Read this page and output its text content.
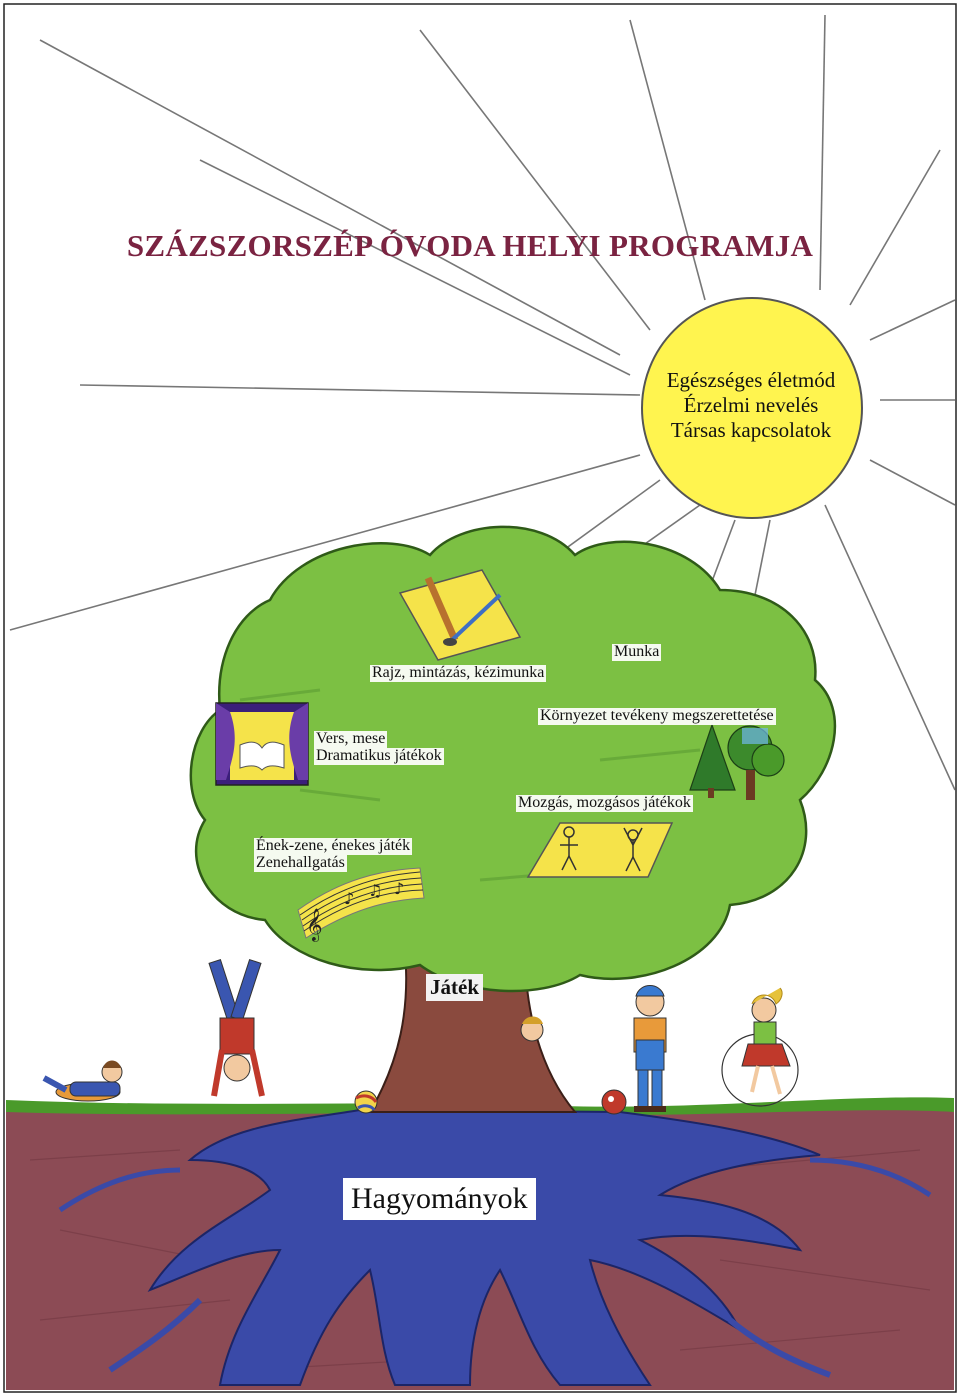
𝄞
♪ ♫ ♪
SZÁZSZORSZÉP ÓVODA HELYI PROGRAMJA
Egészséges életmód
Érzelmi nevelés
Társas kapcsolatok
Rajz, mintázás, kézimunka
Munka
Környezet tevékeny megszerettetése
Vers, mese
Dramatikus játékok
Mozgás, mozgásos játékok
Ének-zene, énekes játék
Zenehallgatás
Játék
Hagyományok
